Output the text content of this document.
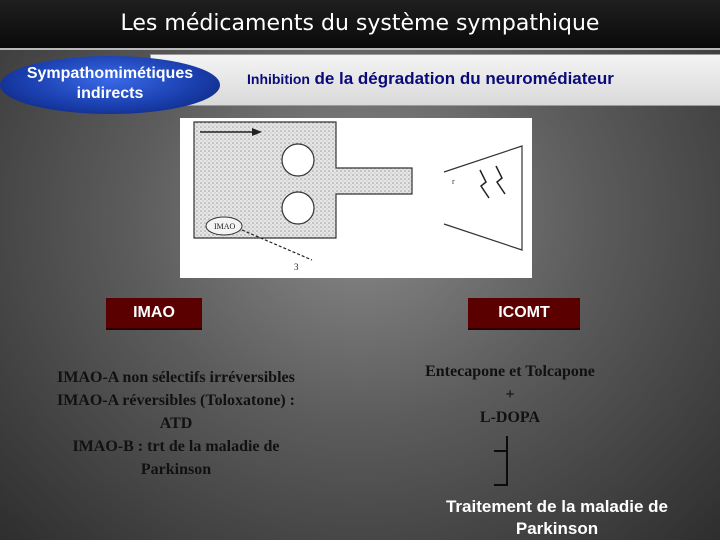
Les médicaments du système sympathique
Inhibition de la dégradation du neuromédiateur
Sympathomimétiques
indirects
r
IMAO
3
IMAO	ICOMT
IMAO-A non sélectifs irréversibles
IMAO-A réversibles (Toloxatone) :
ATD
IMAO-B : trt de la maladie de
Parkinson
Entecapone et Tolcapone
+
L-DOPA
Traitement de la maladie de
Parkinson
